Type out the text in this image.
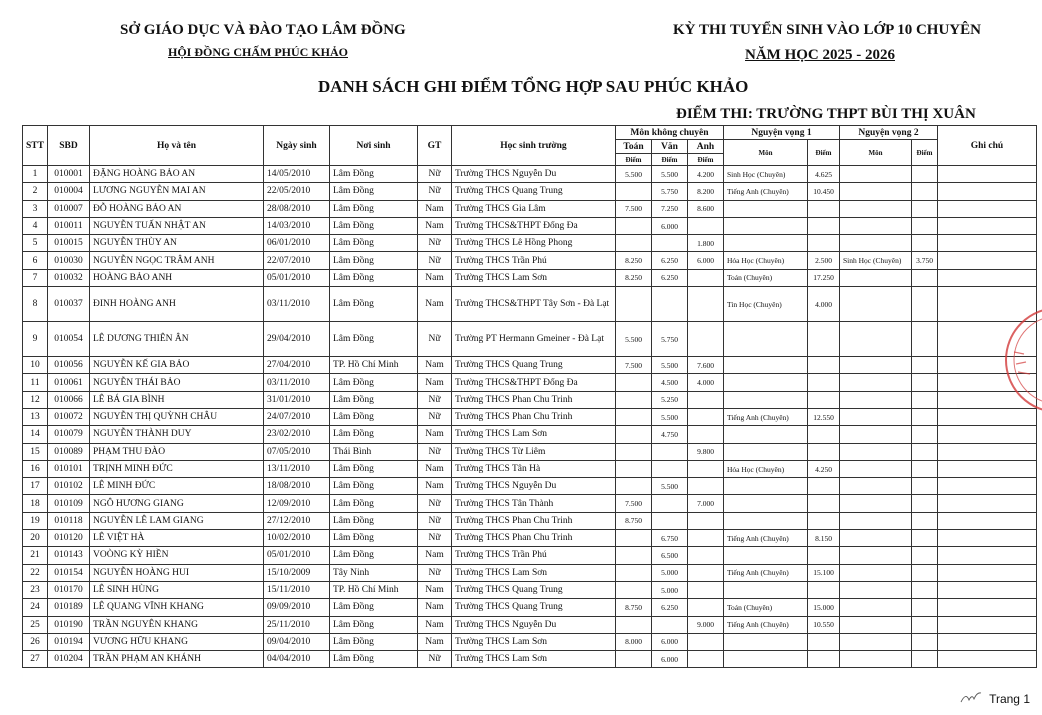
SỞ GIÁO DỤC VÀ ĐÀO TẠO LÂM ĐỒNG
HỘI ĐỒNG CHẤM PHÚC KHẢO
KỲ THI TUYỂN SINH VÀO LỚP 10 CHUYÊN
NĂM HỌC 2025 - 2026
DANH SÁCH GHI ĐIỂM TỔNG HỢP SAU PHÚC KHẢO
ĐIỂM THI: TRƯỜNG THPT BÙI THỊ XUÂN
STT	SBD	Họ và tên	Ngày sinh	Nơi sinh	GT	Học sinh trường	Môn không chuyên			Nguyện vọng 1		Nguyện vọng 2		Ghi chú
							Toán	Văn	Anh	Môn	Điểm	Môn	Điểm	
							Điểm	Điểm	Điểm					
1	010001	ĐẶNG HOÀNG BẢO AN	14/05/2010	Lâm Đồng	Nữ	Trường THCS Nguyễn Du	5.500	5.500	4.200	Sinh Học (Chuyên)	4.625			
2	010004	LƯƠNG NGUYỄN MAI AN	22/05/2010	Lâm Đồng	Nữ	Trường THCS Quang Trung		5.750	8.200	Tiếng Anh (Chuyên)	10.450			
3	010007	ĐỖ HOÀNG BẢO AN	28/08/2010	Lâm Đồng	Nam	Trường THCS Gia Lâm	7.500	7.250	8.600					
4	010011	NGUYỄN TUẤN NHẬT AN	14/03/2010	Lâm Đồng	Nam	Trường THCS&THPT Đống Đa		6.000						
5	010015	NGUYỄN THÙY AN	06/01/2010	Lâm Đồng	Nữ	Trường THCS Lê Hồng Phong			1.800					
6	010030	NGUYỄN NGỌC TRÂM ANH	22/07/2010	Lâm Đồng	Nữ	Trường THCS Trần Phú	8.250	6.250	6.000	Hóa Học (Chuyên)	2.500	Sinh Học (Chuyên)	3.750	
7	010032	HOÀNG BẢO ANH	05/01/2010	Lâm Đồng	Nam	Trường THCS Lam Sơn	8.250	6.250		Toán (Chuyên)	17.250			
8	010037	ĐINH HOÀNG ANH	03/11/2010	Lâm Đồng	Nam	Trường THCS&THPT Tây Sơn - Đà Lạt				Tin Học (Chuyên)	4.000			
9	010054	LÊ DƯƠNG THIÊN ÂN	29/04/2010	Lâm Đồng	Nữ	Trường PT Hermann Gmeiner - Đà Lạt	5.500	5.750						
10	010056	NGUYỄN KẾ GIA BẢO	27/04/2010	TP. Hồ Chí Minh	Nam	Trường THCS Quang Trung	7.500	5.500	7.600					
11	010061	NGUYỄN THÁI BẢO	03/11/2010	Lâm Đồng	Nam	Trường THCS&THPT Đống Đa		4.500	4.000					
12	010066	LÊ BÁ GIA BÌNH	31/01/2010	Lâm Đồng	Nữ	Trường THCS Phan Chu Trinh		5.250						
13	010072	NGUYỄN THỊ QUỲNH CHÂU	24/07/2010	Lâm Đồng	Nữ	Trường THCS Phan Chu Trinh		5.500		Tiếng Anh (Chuyên)	12.550			
14	010079	NGUYỄN THÀNH DUY	23/02/2010	Lâm Đồng	Nam	Trường THCS Lam Sơn		4.750						
15	010089	PHẠM THU ĐÀO	07/05/2010	Thái Bình	Nữ	Trường THCS Từ Liêm			9.800					
16	010101	TRỊNH MINH ĐỨC	13/11/2010	Lâm Đồng	Nam	Trường THCS Tân Hà				Hóa Học (Chuyên)	4.250			
17	010102	LÊ MINH ĐỨC	18/08/2010	Lâm Đồng	Nam	Trường THCS Nguyễn Du		5.500						
18	010109	NGÔ HƯƠNG GIANG	12/09/2010	Lâm Đồng	Nữ	Trường THCS Tân Thành	7.500		7.000					
19	010118	NGUYỄN LÊ LAM GIANG	27/12/2010	Lâm Đồng	Nữ	Trường THCS Phan Chu Trinh	8.750							
20	010120	LÊ VIỆT HÀ	10/02/2010	Lâm Đồng	Nữ	Trường THCS Phan Chu Trinh		6.750		Tiếng Anh (Chuyên)	8.150			
21	010143	VOÒNG KỲ HIỀN	05/01/2010	Lâm Đồng	Nam	Trường THCS Trần Phú		6.500						
22	010154	NGUYỄN HOÀNG HUI	15/10/2009	Tây Ninh	Nữ	Trường THCS Lam Sơn		5.000		Tiếng Anh (Chuyên)	15.100			
23	010170	LÊ SINH HÙNG	15/11/2010	TP. Hồ Chí Minh	Nam	Trường THCS Quang Trung		5.000						
24	010189	LÊ QUANG VĨNH KHANG	09/09/2010	Lâm Đồng	Nam	Trường THCS Quang Trung	8.750	6.250		Toán (Chuyên)	15.000			
25	010190	TRẦN NGUYÊN KHANG	25/11/2010	Lâm Đồng	Nam	Trường THCS Nguyễn Du			9.000	Tiếng Anh (Chuyên)	10.550			
26	010194	VƯƠNG HỮU KHANG	09/04/2010	Lâm Đồng	Nam	Trường THCS Lam Sơn	8.000	6.000						
27	010204	TRẦN PHẠM AN KHÁNH	04/04/2010	Lâm Đồng	Nữ	Trường THCS Lam Sơn		6.000						
Trang 1
